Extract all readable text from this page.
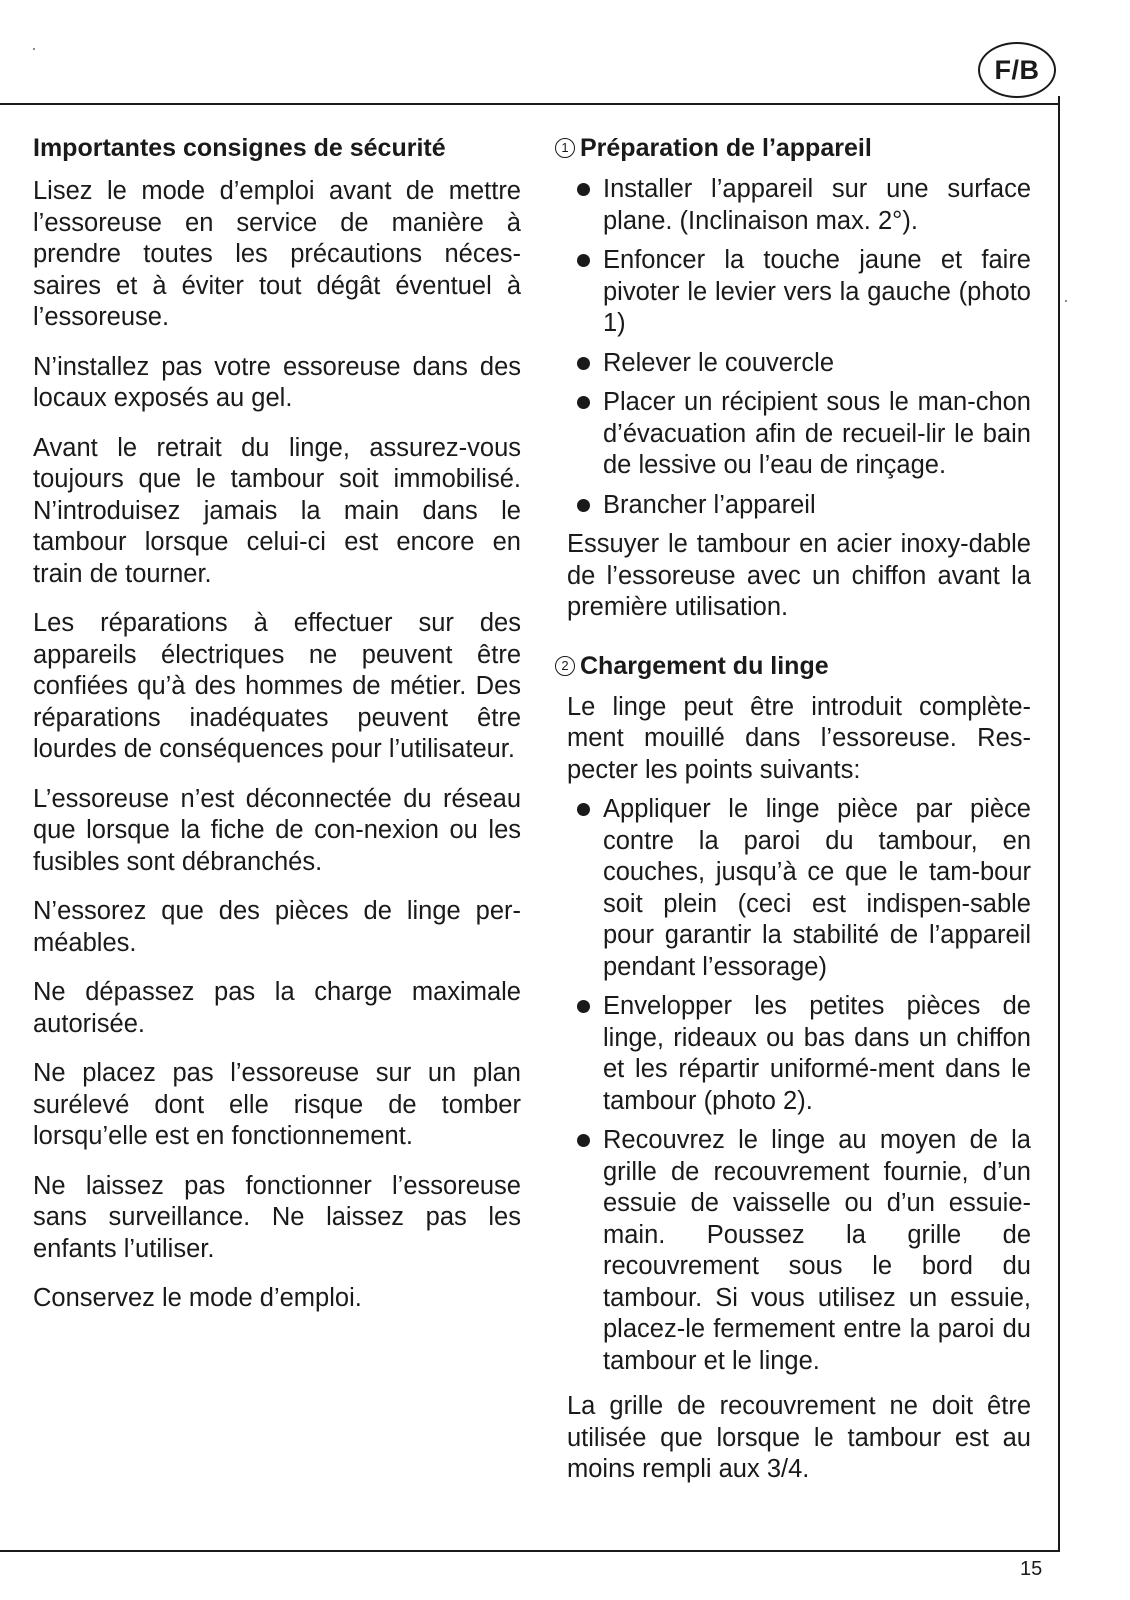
F/B
15
Importantes consignes de sécurité

Lisez le mode d’emploi avant de mettre l’essoreuse en service de manière à prendre toutes les précautions néces-saires et à éviter tout dégât éventuel à l’essoreuse.

N’installez pas votre essoreuse dans des locaux exposés au gel.

Avant le retrait du linge, assurez-vous toujours que le tambour soit immobilisé. N’introduisez jamais la main dans le tambour lorsque celui-ci est encore en train de tourner.

Les réparations à effectuer sur des appareils électriques ne peuvent être confiées qu’à des hommes de métier. Des réparations inadéquates peuvent être lourdes de conséquences pour l’utilisateur.

L’essoreuse n’est déconnectée du réseau que lorsque la fiche de con-nexion ou les fusibles sont débranchés.

N’essorez que des pièces de linge per-méables.

Ne dépassez pas la charge maximale autorisée.

Ne placez pas l’essoreuse sur un plan surélevé dont elle risque de tomber lorsqu’elle est en fonctionnement.

Ne laissez pas fonctionner l’essoreuse sans surveillance. Ne laissez pas les enfants l’utiliser.

Conservez le mode d’emploi.

1 Préparation de l’appareil
Installer l’appareil sur une surface plane. (Inclinaison max. 2°).
Enfoncer la touche jaune et faire pivoter le levier vers la gauche (photo 1)
Relever le couvercle
Placer un récipient sous le man-chon d’évacuation afin de recueil-lir le bain de lessive ou l’eau de rinçage.
Brancher l’appareil

Essuyer le tambour en acier inoxy-dable de l’essoreuse avec un chiffon avant la première utilisation.

2 Chargement du linge

Le linge peut être introduit complète-ment mouillé dans l’essoreuse. Res-pecter les points suivants:

Appliquer le linge pièce par pièce contre la paroi du tambour, en couches, jusqu’à ce que le tam-bour soit plein (ceci est indispen-sable pour garantir la stabilité de l’appareil pendant l’essorage)
Envelopper les petites pièces de linge, rideaux ou bas dans un chiffon et les répartir uniformé-ment dans le tambour (photo 2).
Recouvrez le linge au moyen de la grille de recouvrement fournie, d’un essuie de vaisselle ou d’un essuie-main. Poussez la grille de recouvrement sous le bord du tambour. Si vous utilisez un essuie, placez-le fermement entre la paroi du tambour et le linge.

La grille de recouvrement ne doit être utilisée que lorsque le tambour est au moins rempli aux 3/4.
